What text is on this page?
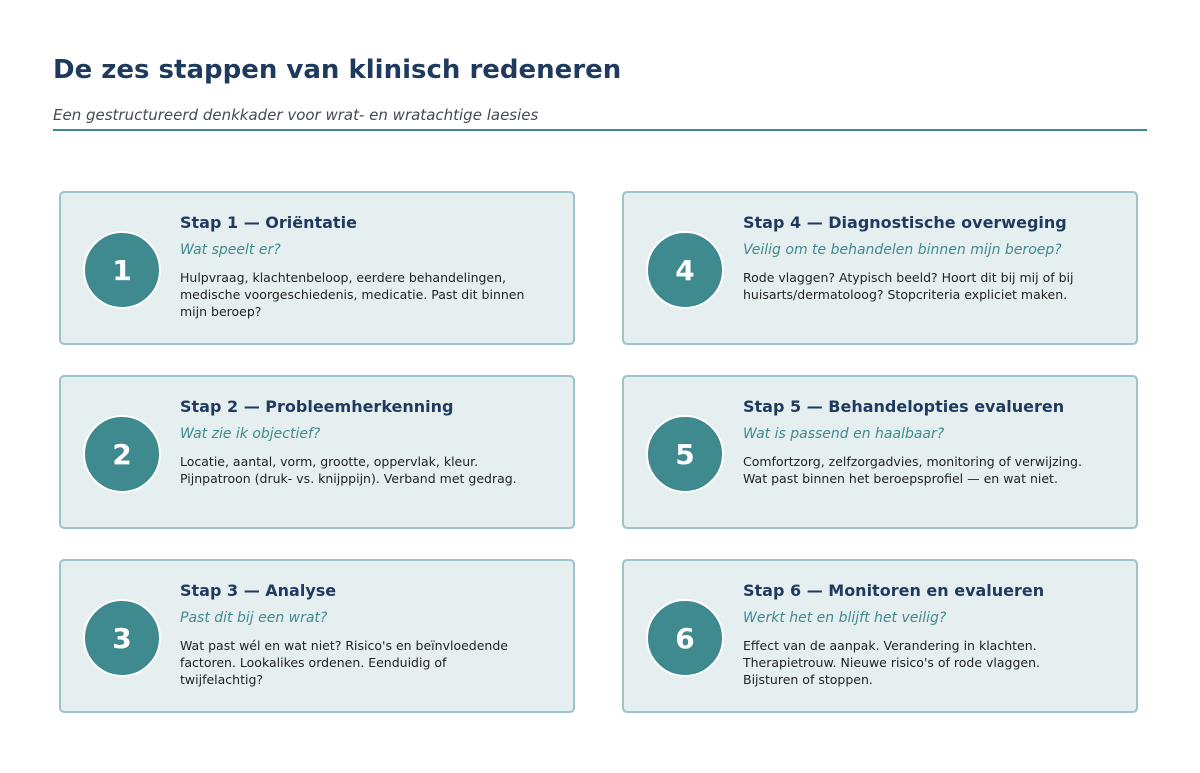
De zes stappen van klinisch redeneren

Een gestructureerd denkkader voor wrat- en wratachtige laesies

1
Stap 1 — Oriëntatie
Wat speelt er?
Hulpvraag, klachtenbeloop, eerdere behandelingen,
medische voorgeschiedenis, medicatie. Past dit binnen
mijn beroep?
2
Stap 2 — Probleemherkenning
Wat zie ik objectief?
Locatie, aantal, vorm, grootte, oppervlak, kleur.
Pijnpatroon (druk- vs. knijppijn). Verband met gedrag.
3
Stap 3 — Analyse
Past dit bij een wrat?
Wat past wél en wat niet? Risico's en beïnvloedende
factoren. Lookalikes ordenen. Eenduidig of
twijfelachtig?
4
Stap 4 — Diagnostische overweging
Veilig om te behandelen binnen mijn beroep?
Rode vlaggen? Atypisch beeld? Hoort dit bij mij of bij
huisarts/dermatoloog? Stopcriteria expliciet maken.
5
Stap 5 — Behandelopties evalueren
Wat is passend en haalbaar?
Comfortzorg, zelfzorgadvies, monitoring of verwijzing.
Wat past binnen het beroepsprofiel — en wat niet.
6
Stap 6 — Monitoren en evalueren
Werkt het en blijft het veilig?
Effect van de aanpak. Verandering in klachten.
Therapietrouw. Nieuwe risico's of rode vlaggen.
Bijsturen of stoppen.
